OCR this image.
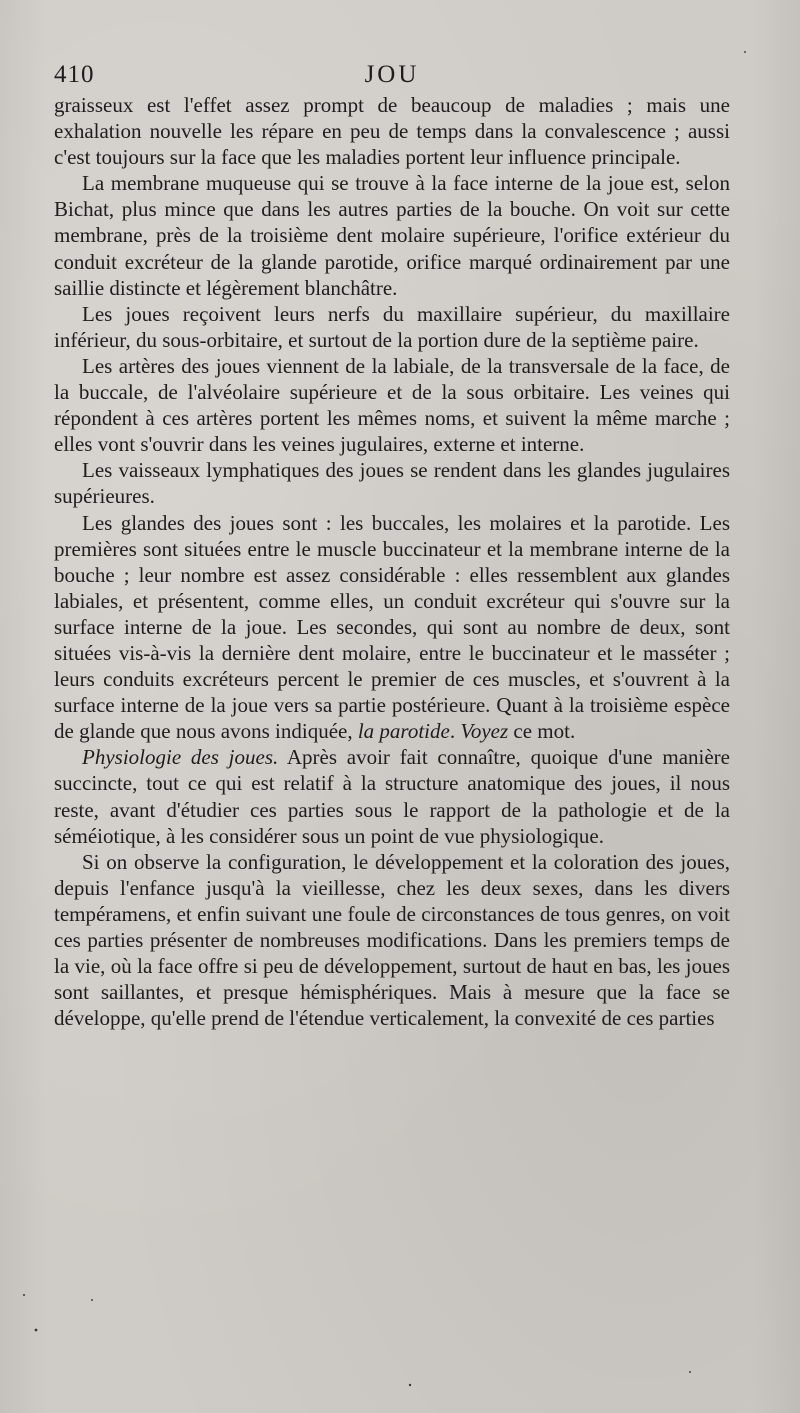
410	JOU

graisseux est l'effet assez prompt de beaucoup de maladies ; mais une exhalation nouvelle les répare en peu de temps dans la convalescence ; aussi c'est toujours sur la face que les maladies portent leur influence principale.

La membrane muqueuse qui se trouve à la face interne de la joue est, selon Bichat, plus mince que dans les autres parties de la bouche. On voit sur cette membrane, près de la troisième dent molaire supérieure, l'orifice extérieur du conduit excréteur de la glande parotide, orifice marqué ordinairement par une saillie distincte et légèrement blanchâtre.

Les joues reçoivent leurs nerfs du maxillaire supérieur, du maxillaire inférieur, du sous-orbitaire, et surtout de la portion dure de la septième paire.

Les artères des joues viennent de la labiale, de la transversale de la face, de la buccale, de l'alvéolaire supérieure et de la sous orbitaire. Les veines qui répondent à ces artères portent les mêmes noms, et suivent la même marche ; elles vont s'ouvrir dans les veines jugulaires, externe et interne.

Les vaisseaux lymphatiques des joues se rendent dans les glandes jugulaires supérieures.

Les glandes des joues sont : les buccales, les molaires et la parotide. Les premières sont situées entre le muscle buccinateur et la membrane interne de la bouche ; leur nombre est assez considérable : elles ressemblent aux glandes labiales, et présentent, comme elles, un conduit excréteur qui s'ouvre sur la surface interne de la joue. Les secondes, qui sont au nombre de deux, sont situées vis-à-vis la dernière dent molaire, entre le buccinateur et le masséter ; leurs conduits excréteurs percent le premier de ces muscles, et s'ouvrent à la surface interne de la joue vers sa partie postérieure. Quant à la troisième espèce de glande que nous avons indiquée, la parotide. Voyez ce mot.

Physiologie des joues. Après avoir fait connaître, quoique d'une manière succincte, tout ce qui est relatif à la structure anatomique des joues, il nous reste, avant d'étudier ces parties sous le rapport de la pathologie et de la séméiotique, à les considérer sous un point de vue physiologique.

Si on observe la configuration, le développement et la coloration des joues, depuis l'enfance jusqu'à la vieillesse, chez les deux sexes, dans les divers tempéramens, et enfin suivant une foule de circonstances de tous genres, on voit ces parties présenter de nombreuses modifications. Dans les premiers temps de la vie, où la face offre si peu de développement, surtout de haut en bas, les joues sont saillantes, et presque hémisphériques. Mais à mesure que la face se développe, qu'elle prend de l'étendue verticalement, la convexité de ces parties
